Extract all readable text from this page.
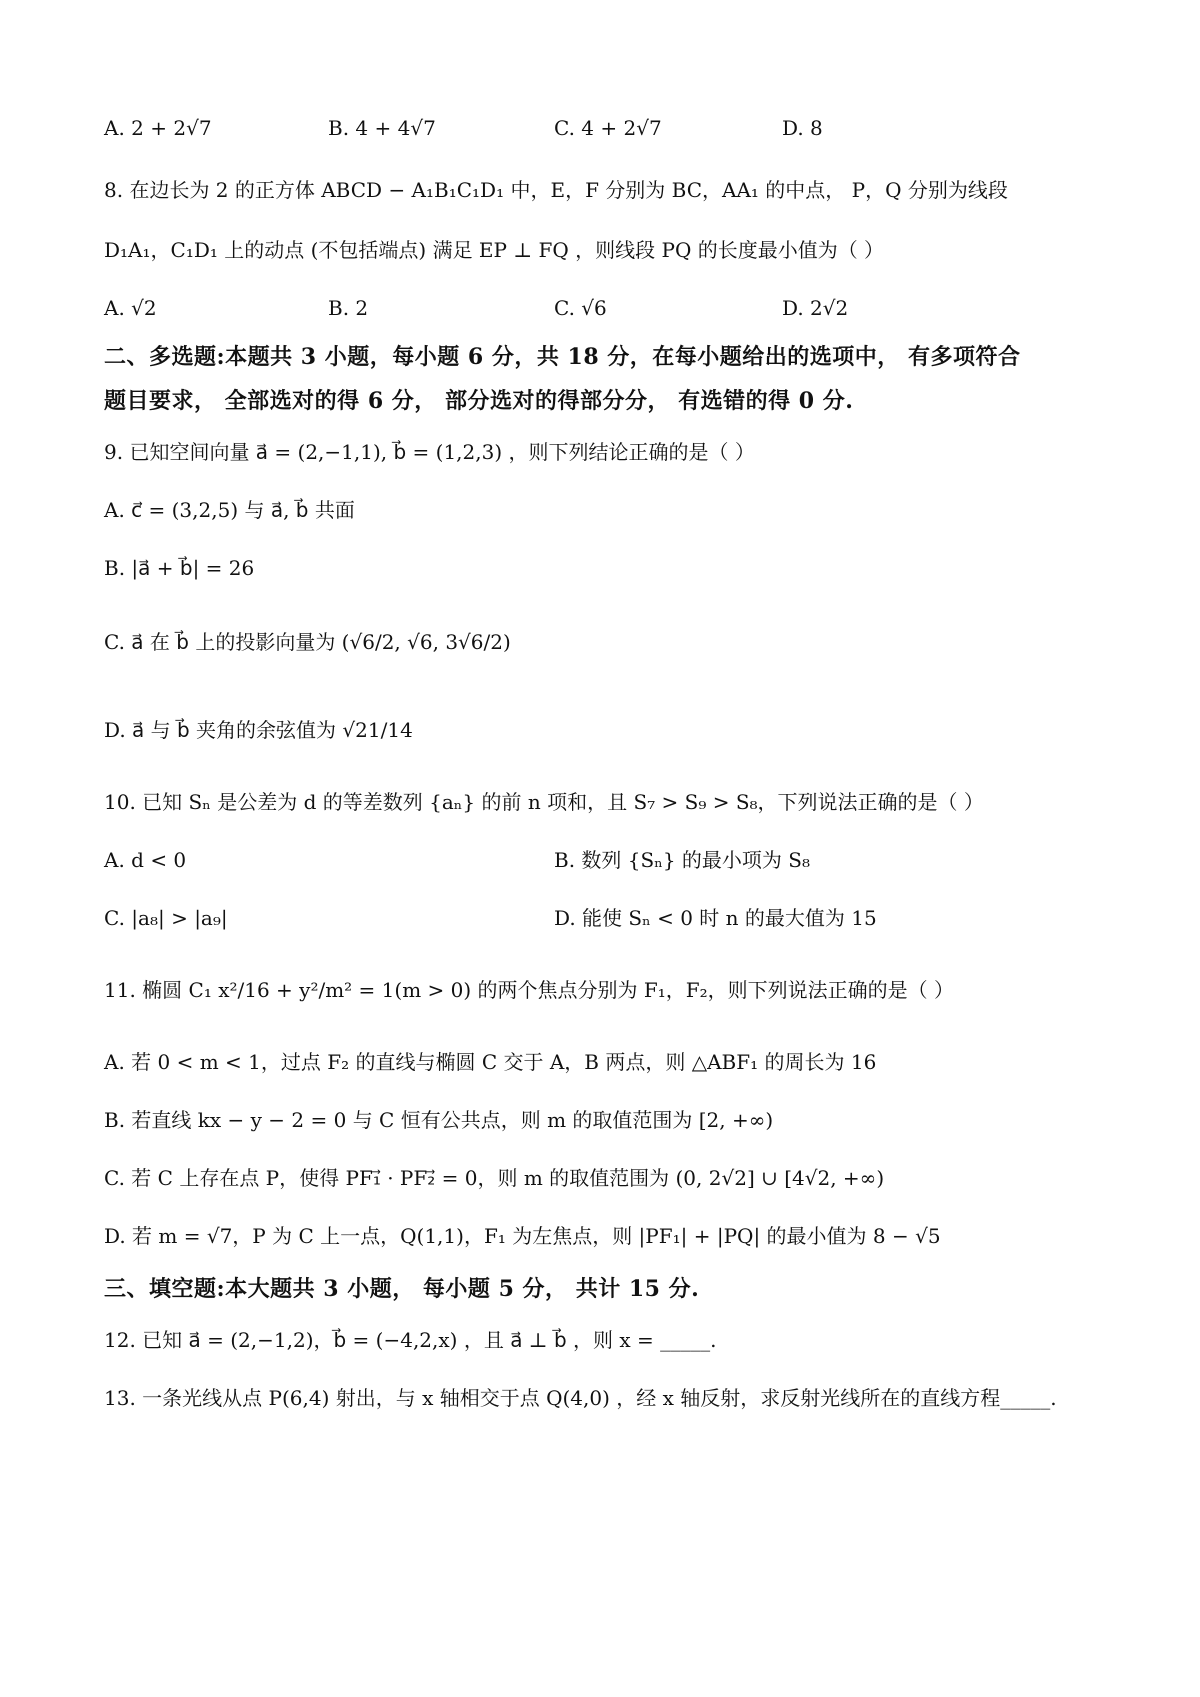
A. 2 + 2√7	B. 4 + 4√7	C. 4 + 2√7	D. 8
8. 在边长为 2 的正方体 ABCD − A₁B₁C₁D₁ 中，E，F 分别为 BC，AA₁ 的中点， P，Q 分别为线段
D₁A₁，C₁D₁ 上的动点 (不包括端点) 满足 EP ⊥ FQ ，则线段 PQ 的长度最小值为（ ）
A. √2	B. 2	C. √6	D. 2√2
二、多选题:本题共 3 小题，每小题 6 分，共 18 分，在每小题给出的选项中， 有多项符合
题目要求， 全部选对的得 6 分， 部分选对的得部分分， 有选错的得 0 分.
9. 已知空间向量 a⃗ = (2,−1,1), b⃗ = (1,2,3) ，则下列结论正确的是（ ）
A. c⃗ = (3,2,5) 与 a⃗, b⃗ 共面
B. |a⃗ + b⃗| = 26
C. a⃗ 在 b⃗ 上的投影向量为 (√6/2, √6, 3√6/2)
D. a⃗ 与 b⃗ 夹角的余弦值为 √21/14
10. 已知 Sₙ 是公差为 d 的等差数列 {aₙ} 的前 n 项和，且 S₇ > S₉ > S₈，下列说法正确的是（ ）
A. d < 0	B. 数列 {Sₙ} 的最小项为 S₈
C. |a₈| > |a₉|	D. 能使 Sₙ < 0 时 n 的最大值为 15
11. 椭圆 C₁ x²/16 + y²/m² = 1(m > 0) 的两个焦点分别为 F₁，F₂，则下列说法正确的是（ ）
A. 若 0 < m < 1，过点 F₂ 的直线与椭圆 C 交于 A，B 两点，则 △ABF₁ 的周长为 16
B. 若直线 kx − y − 2 = 0 与 C 恒有公共点，则 m 的取值范围为 [2, +∞)
C. 若 C 上存在点 P，使得 PF₁⃗ · PF₂⃗ = 0，则 m 的取值范围为 (0, 2√2] ∪ [4√2, +∞)
D. 若 m = √7，P 为 C 上一点，Q(1,1)，F₁ 为左焦点，则 |PF₁| + |PQ| 的最小值为 8 − √5
三、填空题:本大题共 3 小题， 每小题 5 分， 共计 15 分.
12. 已知 a⃗ = (2,−1,2)，b⃗ = (−4,2,x) ，且 a⃗ ⊥ b⃗ ，则 x = _____.
13. 一条光线从点 P(6,4) 射出，与 x 轴相交于点 Q(4,0) ，经 x 轴反射，求反射光线所在的直线方程_____.
